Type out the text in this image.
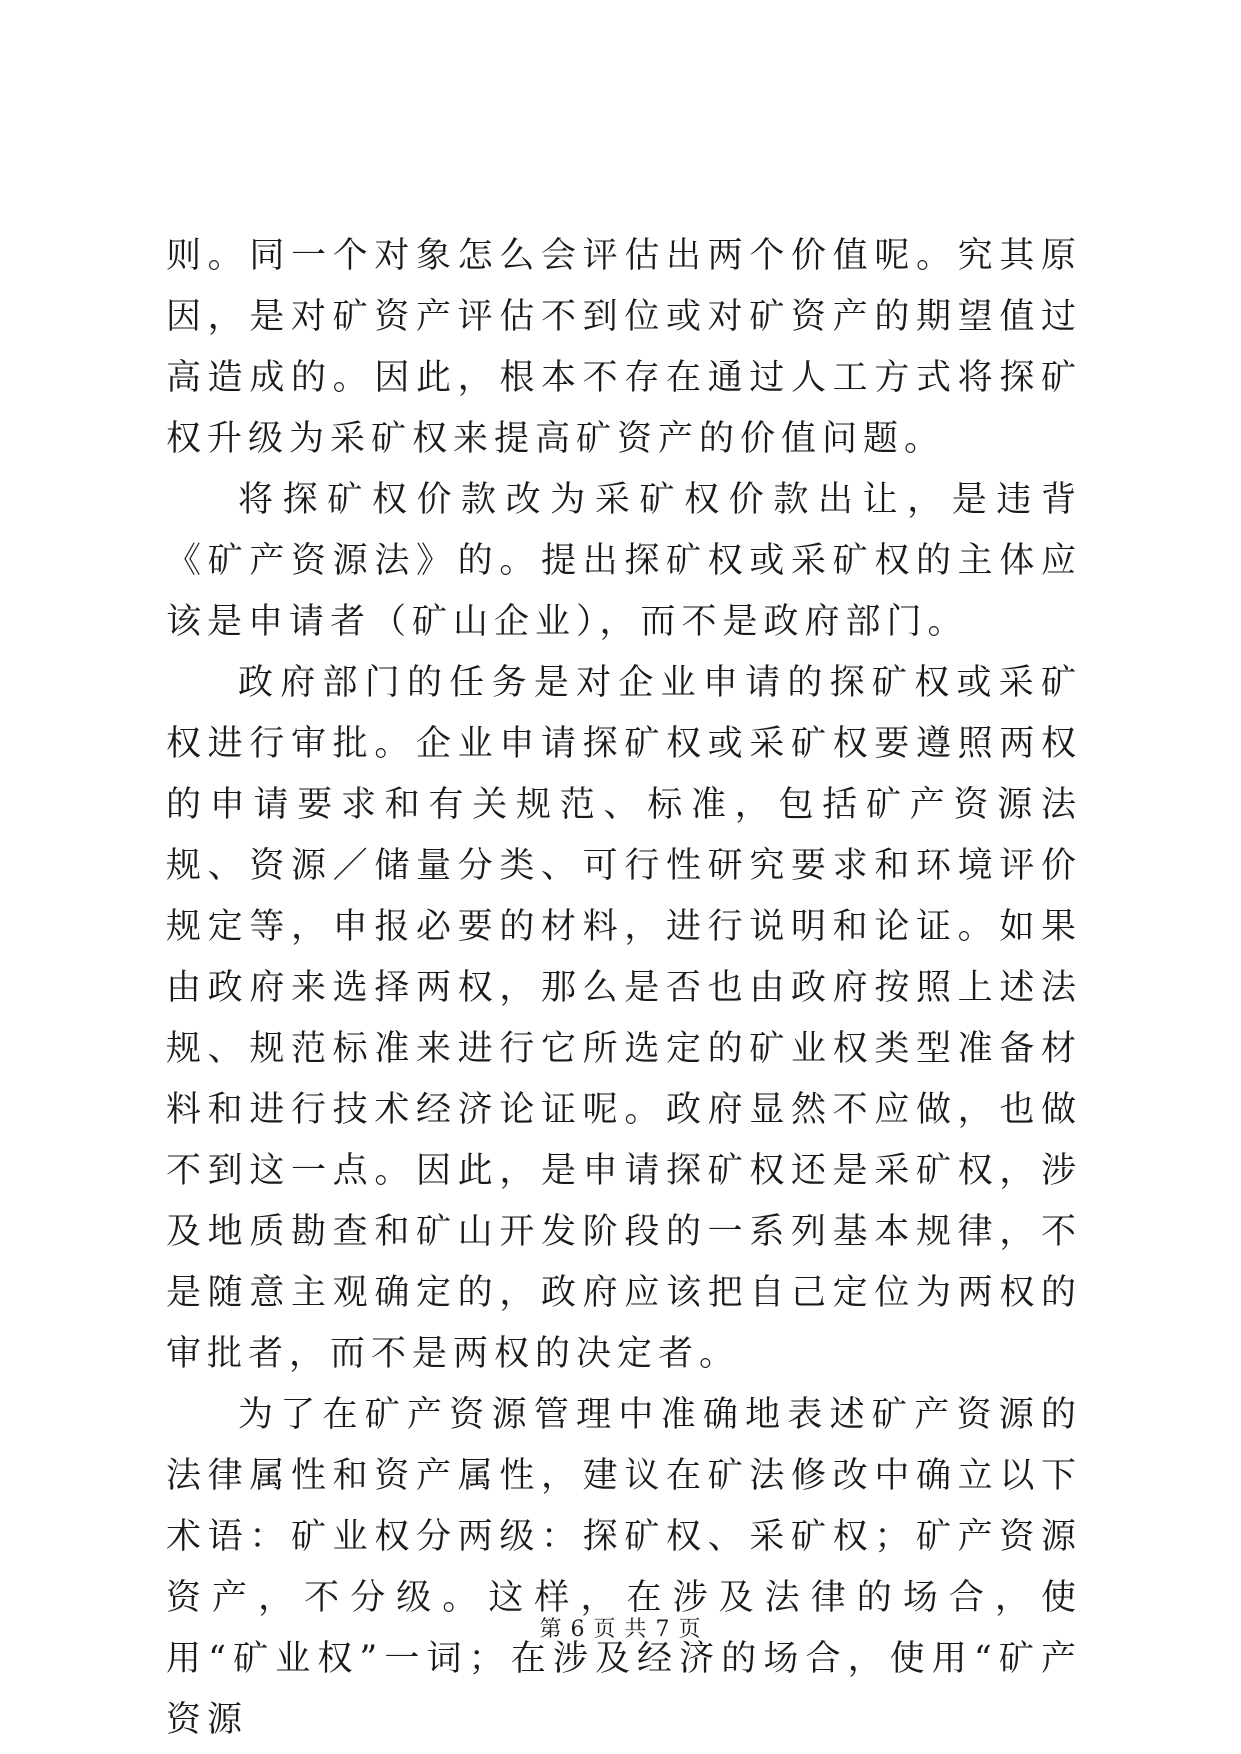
则。同一个对象怎么会评估出两个价值呢。究其原因，是对矿资产评估不到位或对矿资产的期望值过高造成的。因此，根本不存在通过人工方式将探矿权升级为采矿权来提高矿资产的价值问题。

将探矿权价款改为采矿权价款出让，是违背《矿产资源法》的。提出探矿权或采矿权的主体应该是申请者（矿山企业），而不是政府部门。

政府部门的任务是对企业申请的探矿权或采矿权进行审批。企业申请探矿权或采矿权要遵照两权的申请要求和有关规范、标准，包括矿产资源法规、资源／储量分类、可行性研究要求和环境评价规定等，申报必要的材料，进行说明和论证。如果由政府来选择两权，那么是否也由政府按照上述法规、规范标准来进行它所选定的矿业权类型准备材料和进行技术经济论证呢。政府显然不应做，也做不到这一点。因此，是申请探矿权还是采矿权，涉及地质勘查和矿山开发阶段的一系列基本规律，不是随意主观确定的，政府应该把自己定位为两权的审批者，而不是两权的决定者。

为了在矿产资源管理中准确地表述矿产资源的法律属性和资产属性，建议在矿法修改中确立以下术语：矿业权分两级：探矿权、采矿权；矿产资源资产，不分级。这样，在涉及法律的场合，使用“矿业权”一词；在涉及经济的场合，使用“矿产资源

第 6 页 共 7 页
